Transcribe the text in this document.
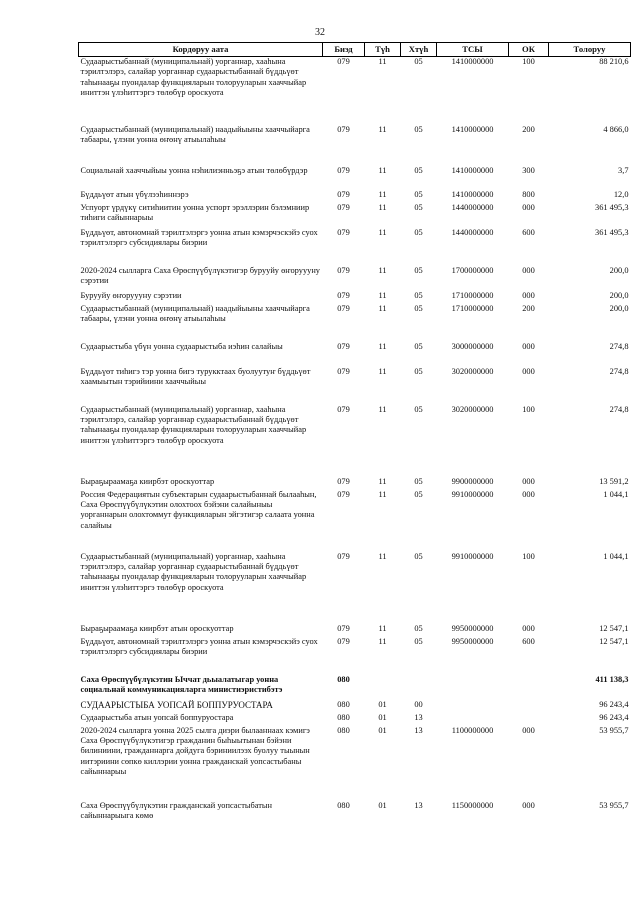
32
Кордоруу аата	Биэд	Түһ	Хтүһ	ТСЫ	ОК	Толоруу
Судаарыстыбаннай (муниципальнай) уорганнар, хааһына тэрилтэлэрэ, салайар уорганнар судаарыстыбаннай бүддьүөт таһынааҕы пуондалар функцияларын толорууларын хааччыйар иниттэн үлэһиттэргэ төлөбүр ороскуота	079	11	05	1410000000	100	88 210,6
Судаарыстыбаннай (муниципальнай) наадыйыыны хааччыйарга табаары, үлэни уонна өҥөнү атыылаһыы	079	11	05	1410000000	200	4 866,0
Социальнай хааччыйыы уонна нэһилиэнньэҕэ атын төлөбүрдэр	079	11	05	1410000000	300	3,7
Бүддьүөт атын үбүлээһиннэрэ	079	11	05	1410000000	800	12,0
Успуорт үрдүкү ситиһиитин уонна успорт эрэллэрин бэлэмниир тиһиги сайыннарыы	079	11	05	1440000000	000	361 495,3
Бүддьүөт, автономнай тэрилтэлэргэ уонна атын кэмэрчэскэйэ суох тэрилтэлэргэ субсидиялары биэрии	079	11	05	1440000000	600	361 495,3
2020-2024 сылларга Саха Өрөспүүбүлүкэтигэр бурууйу өҥоруууну сэрэтии	079	11	05	1700000000	000	200,0
Бурууйу өҥоруууну сэрэтии	079	11	05	1710000000	000	200,0
Судаарыстыбаннай (муниципальнай) наадыйыыны хааччыйарга табаары, үлэни уонна өҥөнү атыылаһыы	079	11	05	1710000000	200	200,0
Судаарыстыба үбүн уонна судаарыстыба иэһин салайыы	079	11	05	3000000000	000	274,8
Бүддьүөт тиһигэ тэр уонна бигэ турукктаах буолуутуҥ бүддьүөт хаамыытын тэрийиини хааччыйыы	079	11	05	3020000000	000	274,8
Судаарыстыбаннай (муниципальнай) уорганнар, хааһына тэрилтэлэрэ, салайар уорганнар судаарыстыбаннай бүддьүөт таһынааҕы пуондалар функцияларын толорууларын хааччыйар иниттэн үлэһиттэргэ төлөбүр ороскуота	079	11	05	3020000000	100	274,8
Быраҕыраамаҕа киирбэт ороскуоттар	079	11	05	9900000000	000	13 591,2
Россия Федерациятын субъектарын судаарыстыбаннай былааһын, Саха Өрөспүүбүлүкэтин олохтоох бэйэни салайыныы уорганнарын олохтоммут функцияларын эйгэтигэр салаата уонна салайыы	079	11	05	9910000000	000	1 044,1
Судаарыстыбаннай (муниципальнай) уорганнар, хааһына тэрилтэлэрэ, салайар уорганнар судаарыстыбаннай бүддьүөт таһынааҕы пуондалар функцияларын толорууларын хааччыйар иниттэн үлэһиттэргэ төлөбүр ороскуота	079	11	05	9910000000	100	1 044,1
Быраҕыраамаҕа киирбэт атын ороскуоттар	079	11	05	9950000000	000	12 547,1
Бүддьүөт, автономнай тэрилтэлэргэ уонна атын кэмэрчэскэйэ суох тэрилтэлэргэ субсидиялары биэрии	079	11	05	9950000000	600	12 547,1
Саха Өрөспүүбүлүкэтин Ыччат дьыалатыгар уонна социальнай коммуникацияларга министиэристибэтэ	080					411 138,3
СУДААРЫСТЫБА УОПСАЙ БОППУРУОСТАРА	080	01	00			96 243,4
Судаарыстыба атын уопсай боппуруостара	080	01	13			96 243,4
2020-2024 сылларга уонна 2025 сылга диэри былааннаах кэмигэ Саха Өрөспүүбүлүкэтигэр гражданин быһыытынан бэйэни билиниини, гражданнарга дойдуга бэриниилээх буолуу тыынын иитэриини сөпкө киллэрии уонна гражданскай уопсастыбаны сайыннарыы	080	01	13	1100000000	000	53 955,7
Саха Өрөспүүбүлүкэтин гражданскай уопсастыбатын сайыннарыыга көмө	080	01	13	1150000000	000	53 955,7
